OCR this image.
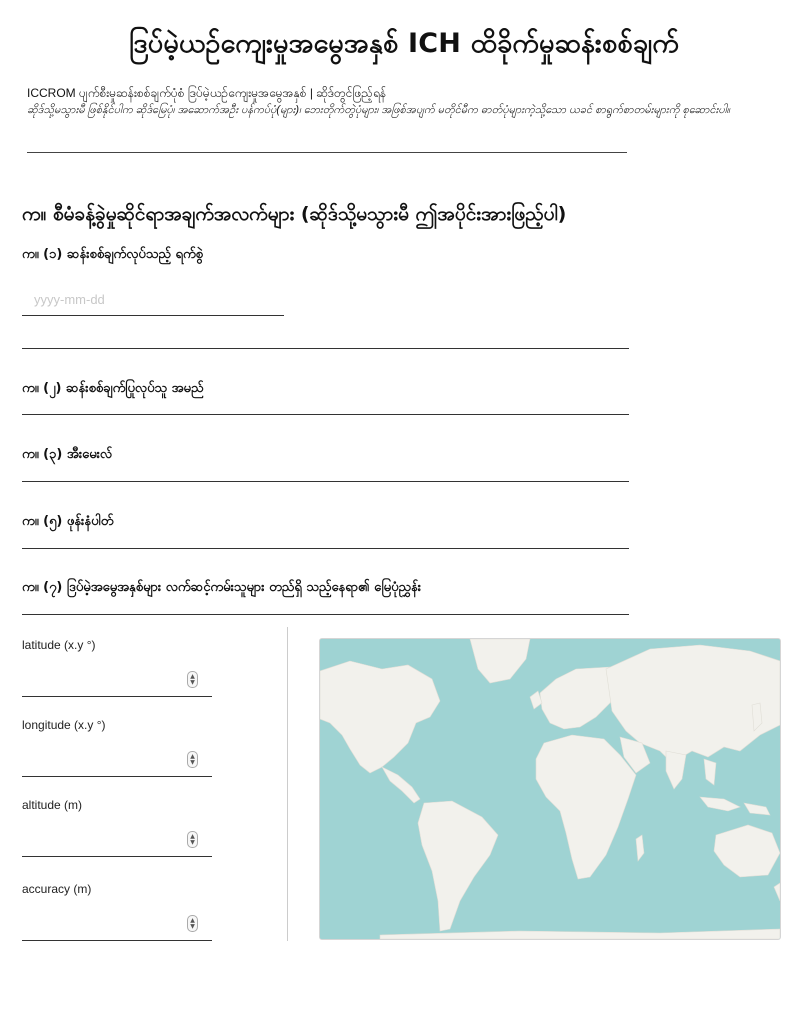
ဒြပ်မဲ့ယဉ်ကျေးမှုအမွေအနှစ် ICH ထိခိုက်မှုဆန်းစစ်ချက်
ICCROM ပျက်စီးမှုဆန်းစစ်ချက်ပုံစံ ဒြပ်မဲ့ယဉ်ကျေးမှုအမွေအနှစ် | ဆိုဒ်တွင်ဖြည့်ရန်
ဆိုဒ်သို့မသွားမီ ဖြစ်နိုင်ပါက ဆိုဒ်မြေပုံ၊ အဆောက်အဦး ပန်ကပ်ပုံ(များ)၊ ဘေးတိုက်တွဲပုံများ၊ အဖြစ်အပျက် မတိုင်မီက ဓာတ်ပုံများကဲ့သို့သော ယခင် စာရွက်စာတမ်းများကို စုဆောင်းပါ။
က။ စီမံခန့်ခွဲမှုဆိုင်ရာအချက်အလက်များ (ဆိုဒ်သို့မသွားမီ ဤအပိုင်းအားဖြည့်ပါ)
က။ (၁) ဆန်းစစ်ချက်လုပ်သည့် ရက်စွဲ
yyyy-mm-dd
က။ (၂) ဆန်းစစ်ချက်ပြုလုပ်သူ အမည်
က။ (၃) အီးမေးလ်
က။ (၅) ဖုန်းနံပါတ်
က။ (၇) ဒြပ်မဲ့အမွေအနှစ်များ လက်ဆင့်ကမ်းသူများ တည်ရှိ သည့်နေရာ၏ မြေပုံညွှန်း
latitude (x.y °)
▲
▼
longitude (x.y °)
▲
▼
altitude (m)
▲
▼
accuracy (m)
▲
▼
